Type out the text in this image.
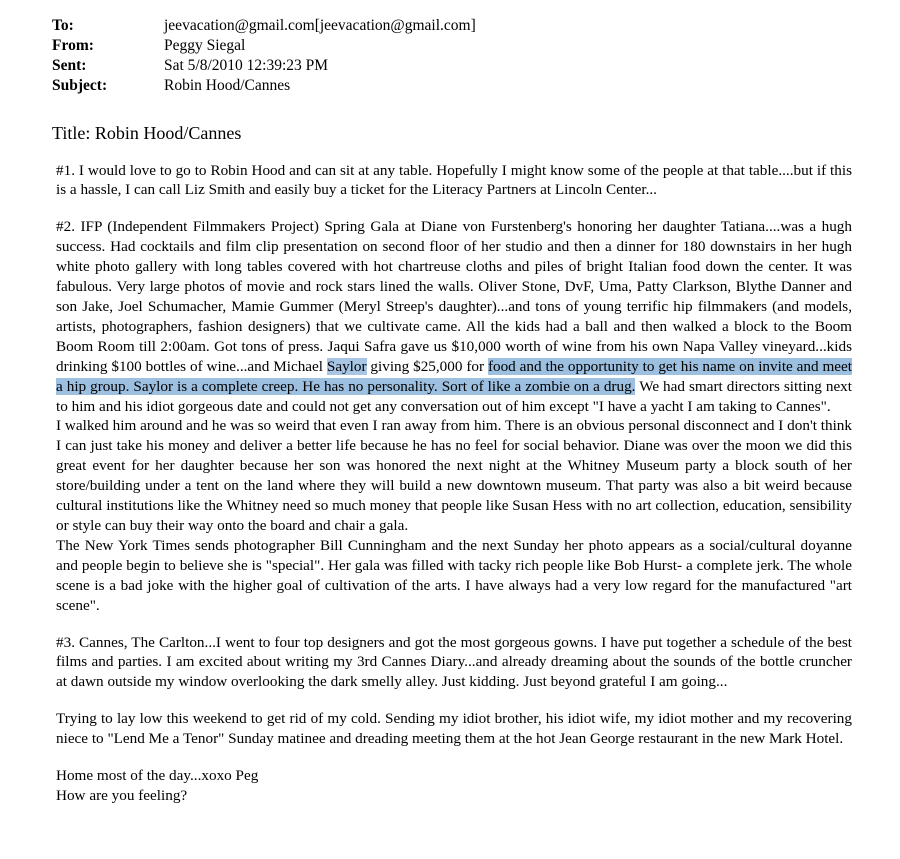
To:	jeevacation@gmail.com[jeevacation@gmail.com]
From:	Peggy Siegal
Sent:	Sat 5/8/2010 12:39:23 PM
Subject:	Robin Hood/Cannes
Title: Robin Hood/Cannes
#1. I would love to go to Robin Hood and can sit at any table. Hopefully I might know some of the people at that table....but if this is a hassle, I can call Liz Smith and easily buy a ticket for the Literacy Partners at Lincoln Center...
#2. IFP (Independent Filmmakers Project) Spring Gala at Diane von Furstenberg's honoring her daughter Tatiana....was a hugh success. Had cocktails and film clip presentation on second floor of her studio and then a dinner for 180 downstairs in her hugh white photo gallery with long tables covered with hot chartreuse cloths and piles of bright Italian food down the center. It was fabulous. Very large photos of movie and rock stars lined the walls. Oliver Stone, DvF, Uma, Patty Clarkson, Blythe Danner and son Jake, Joel Schumacher, Mamie Gummer (Meryl Streep's daughter)...and tons of young terrific hip filmmakers (and models, artists, photographers, fashion designers) that we cultivate came. All the kids had a ball and then walked a block to the Boom Boom Room till 2:00am. Got tons of press. Jaqui Safra gave us $10,000 worth of wine from his own Napa Valley vineyard...kids drinking $100 bottles of wine...and Michael Saylor giving $25,000 for food and the opportunity to get his name on invite and meet a hip group. Saylor is a complete creep. He has no personality. Sort of like a zombie on a drug. We had smart directors sitting next to him and his idiot gorgeous date and could not get any conversation out of him except "I have a yacht I am taking to Cannes".
I walked him around and he was so weird that even I ran away from him. There is an obvious personal disconnect and I don't think I can just take his money and deliver a better life because he has no feel for social behavior. Diane was over the moon we did this great event for her daughter because her son was honored the next night at the Whitney Museum party a block south of her store/building under a tent on the land where they will build a new downtown museum. That party was also a bit weird because cultural institutions like the Whitney need so much money that people like Susan Hess with no art collection, education, sensibility or style can buy their way onto the board and chair a gala.
The New York Times sends photographer Bill Cunningham and the next Sunday her photo appears as a social/cultural doyanne and people begin to believe she is "special". Her gala was filled with tacky rich people like Bob Hurst- a complete jerk. The whole scene is a bad joke with the higher goal of cultivation of the arts. I have always had a very low regard for the manufactured "art scene".
#3. Cannes, The Carlton...I went to four top designers and got the most gorgeous gowns. I have put together a schedule of the best films and parties. I am excited about writing my 3rd Cannes Diary...and already dreaming about the sounds of the bottle cruncher at dawn outside my window overlooking the dark smelly alley. Just kidding. Just beyond grateful I am going...
Trying to lay low this weekend to get rid of my cold. Sending my idiot brother, his idiot wife, my idiot mother and my recovering niece to "Lend Me a Tenor" Sunday matinee and dreading meeting them at the hot Jean George restaurant in the new Mark Hotel.
Home most of the day...xoxo Peg
How are you feeling?
